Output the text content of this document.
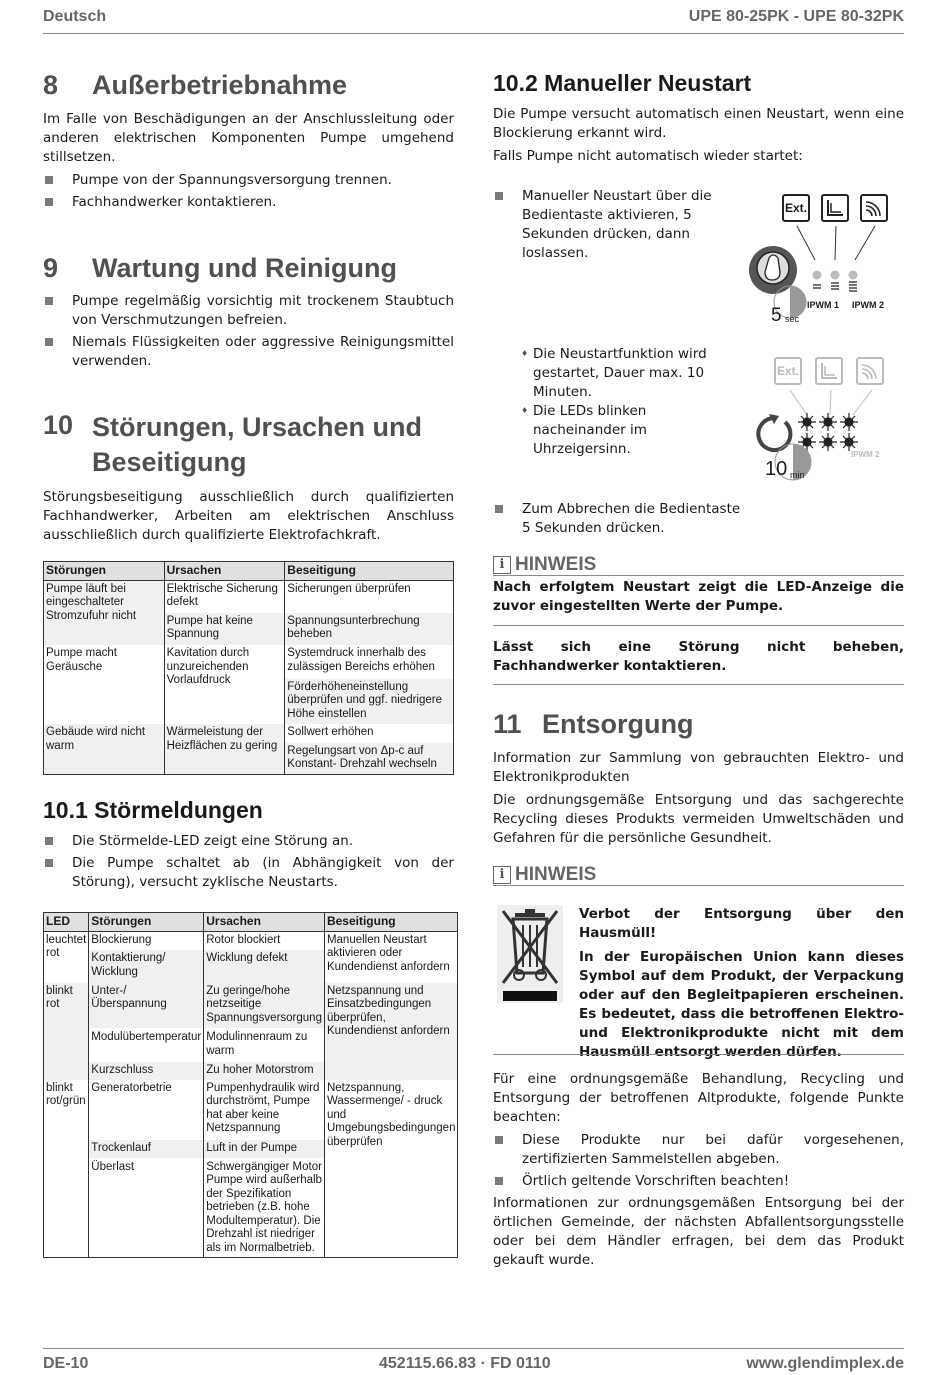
Deutsch	UPE 80-25PK - UPE 80-32PK
8	Außerbetriebnahme

Im Falle von Beschädigungen an der Anschlussleitung oder anderen elektrischen Komponenten Pumpe umgehend stillsetzen.

Pumpe von der Spannungsversorgung trennen.
Fachhandwerker kontaktieren.
9	Wartung und Reinigung
Pumpe regelmäßig vorsichtig mit trockenem Staubtuch von Verschmutzungen befreien.
Niemals Flüssigkeiten oder aggressive Reinigungsmittel verwenden.
10 Störungen, Ursachen und
Beseitigung

Störungsbeseitigung ausschließlich durch qualifizierten Fachhandwerker, Arbeiten am elektrischen Anschluss ausschließlich durch qualifizierte Elektrofachkraft.

Störungen	Ursachen	Beseitigung
Pumpe läuft bei eingeschalteter Stromzufuhr nicht	Elektrische Sicherung defekt	Sicherungen überprüfen
	Pumpe hat keine Spannung	Spannungsunterbrechung beheben
Pumpe macht Geräusche	Kavitation durch unzureichenden Vorlaufdruck	Systemdruck innerhalb des zulässigen Bereichs erhöhen
		Förderhöheneinstellung überprüfen und ggf. niedrigere Höhe einstellen
Gebäude wird nicht warm	Wärmeleistung der Heizflächen zu gering	Sollwert erhöhen
		Regelungsart von Δp-c auf Konstant- Drehzahl wechseln
10.1 Störmeldungen
Die Störmelde-LED zeigt eine Störung an.
Die Pumpe schaltet ab (in Abhängigkeit von der Störung), versucht zyklische Neustarts.
LED	Störungen	Ursachen	Beseitigung
leuchtet rot	Blockierung	Rotor blockiert	Manuellen Neustart aktivieren oder Kundendienst anfordern
	Kontaktierung/ Wicklung	Wicklung defekt	
blinkt rot	Unter-/Überspannung	Zu geringe/hohe netzseitige Spannungsversorgung	Netzspannung und Einsatzbedingungen überprüfen, Kundendienst anfordern
	Modulübertemperatur	Modulinnenraum zu warm	
	Kurzschluss	Zu hoher Motorstrom	
blinkt rot/grün	Generatorbetrie	Pumpenhydraulik wird durchströmt, Pumpe hat aber keine Netzspannung	Netzspannung, Wassermenge/ - druck und Umgebungsbedingungen überprüfen
	Trockenlauf	Luft in der Pumpe	
	Überlast	Schwergängiger Motor Pumpe wird außerhalb der Spezifikation betrieben (z.B. hohe Modultemperatur). Die Drehzahl ist niedriger als im Normalbetrieb.	
10.2 Manueller Neustart

Die Pumpe versucht automatisch einen Neustart, wenn eine Blockierung erkannt wird.

Falls Pumpe nicht automatisch wieder startet:

Manueller Neustart über die Bedientaste aktivieren, 5 Sekunden drücken, dann loslassen.
♦ Die Neustartfunktion wird gestartet, Dauer max. 10 Minuten.
♦ Die LEDs blinken nacheinander im Uhrzeigersinn.
Zum Abbrechen die Bedientaste 5 Sekunden drücken.
Ext.
IPWM 1 IPWM 2
5 sec
Ext.
IPWM 2
10 min
i HINWEIS

Nach erfolgtem Neustart zeigt die LED-Anzeige die zuvor eingestellten Werte der Pumpe.

Lässt sich eine Störung nicht beheben, Fachhandwerker kontaktieren.

11 Entsorgung

Information zur Sammlung von gebrauchten Elektro- und Elektronikprodukten

Die ordnungsgemäße Entsorgung und das sachgerechte Recycling dieses Produkts vermeiden Umweltschäden und Gefahren für die persönliche Gesundheit.

i HINWEIS

Verbot der Entsorgung über den Hausmüll!

In der Europäischen Union kann dieses Symbol auf dem Produkt, der Verpackung oder auf den Begleitpapieren erscheinen. Es bedeutet, dass die betroffenen Elektro- und Elektronikprodukte nicht mit dem Hausmüll entsorgt werden dürfen.

Für eine ordnungsgemäße Behandlung, Recycling und Entsorgung der betroffenen Altprodukte, folgende Punkte beachten:

Diese Produkte nur bei dafür vorgesehenen, zertifizierten Sammelstellen abgeben.
Örtlich geltende Vorschriften beachten!

Informationen zur ordnungsgemäßen Entsorgung bei der örtlichen Gemeinde, der nächsten Abfallentsorgungsstelle oder bei dem Händler erfragen, bei dem das Produkt gekauft wurde.

DE-10	452115.66.83 · FD 0110	www.glendimplex.de
